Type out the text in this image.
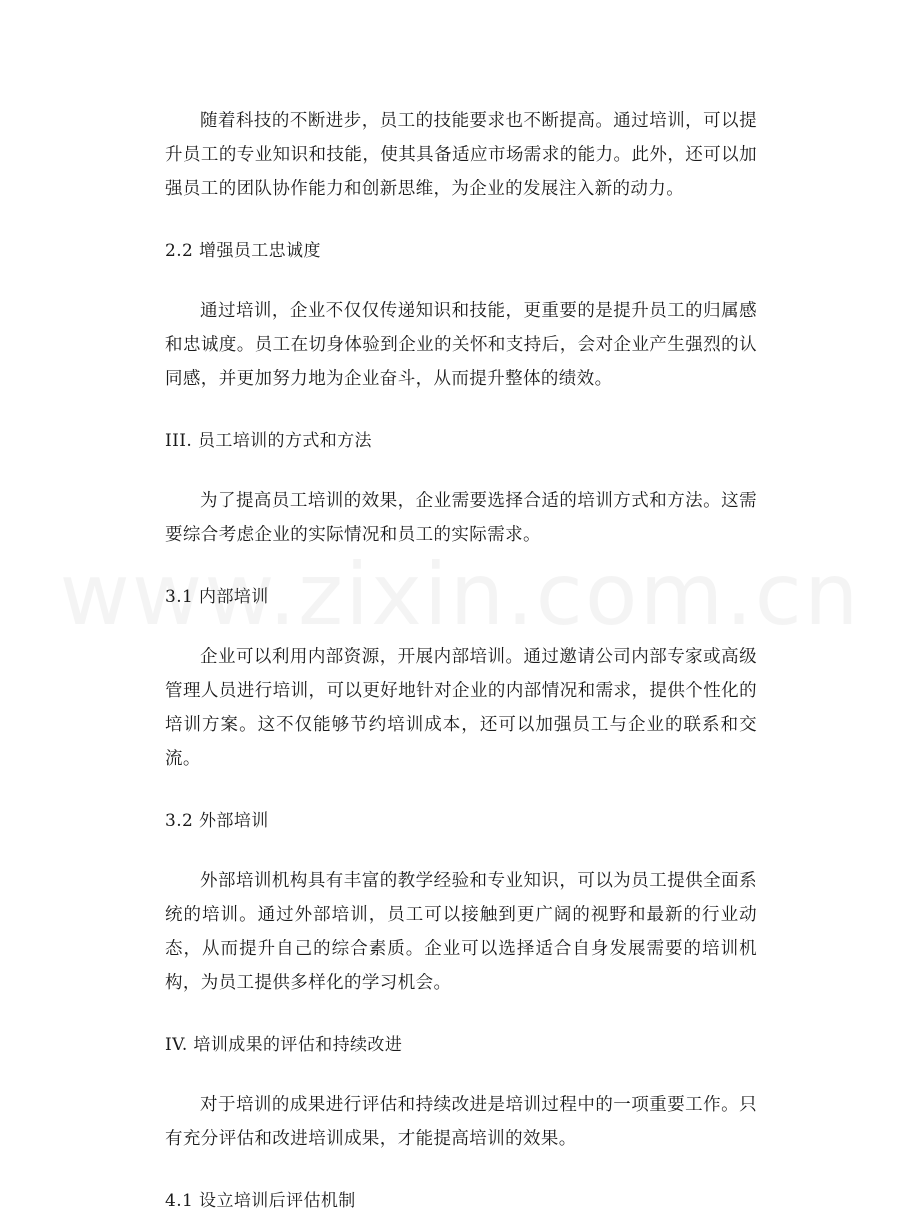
随着科技的不断进步，员工的技能要求也不断提高。通过培训，可以提升员工的专业知识和技能，使其具备适应市场需求的能力。此外，还可以加强员工的团队协作能力和创新思维，为企业的发展注入新的动力。

2.2 增强员工忠诚度

通过培训，企业不仅仅传递知识和技能，更重要的是提升员工的归属感和忠诚度。员工在切身体验到企业的关怀和支持后，会对企业产生强烈的认同感，并更加努力地为企业奋斗，从而提升整体的绩效。

III. 员工培训的方式和方法

为了提高员工培训的效果，企业需要选择合适的培训方式和方法。这需要综合考虑企业的实际情况和员工的实际需求。

3.1 内部培训

企业可以利用内部资源，开展内部培训。通过邀请公司内部专家或高级管理人员进行培训，可以更好地针对企业的内部情况和需求，提供个性化的培训方案。这不仅能够节约培训成本，还可以加强员工与企业的联系和交流。

3.2 外部培训

外部培训机构具有丰富的教学经验和专业知识，可以为员工提供全面系统的培训。通过外部培训，员工可以接触到更广阔的视野和最新的行业动态，从而提升自己的综合素质。企业可以选择适合自身发展需要的培训机构，为员工提供多样化的学习机会。

IV. 培训成果的评估和持续改进

对于培训的成果进行评估和持续改进是培训过程中的一项重要工作。只有充分评估和改进培训成果，才能提高培训的效果。

4.1 设立培训后评估机制
